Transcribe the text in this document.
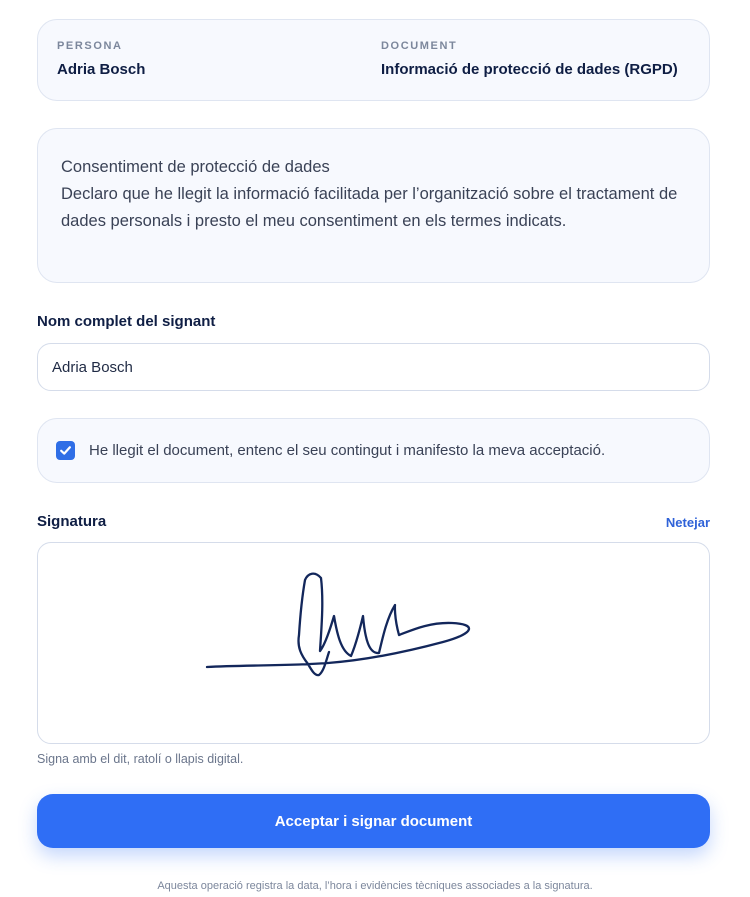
PERSONA
Adria Bosch
DOCUMENT
Informació de protecció de dades (RGPD)
Consentiment de protecció de dades
Declaro que he llegit la informació facilitada per l’organització sobre el tractament de dades personals i presto el meu consentiment en els termes indicats.
Nom complet del signant
Adria Bosch
He llegit el document, entenc el seu contingut i manifesto la meva acceptació.
Signatura	Netejar
Signa amb el dit, ratolí o llapis digital.
Acceptar i signar document
Aquesta operació registra la data, l’hora i evidències tècniques associades a la signatura.
